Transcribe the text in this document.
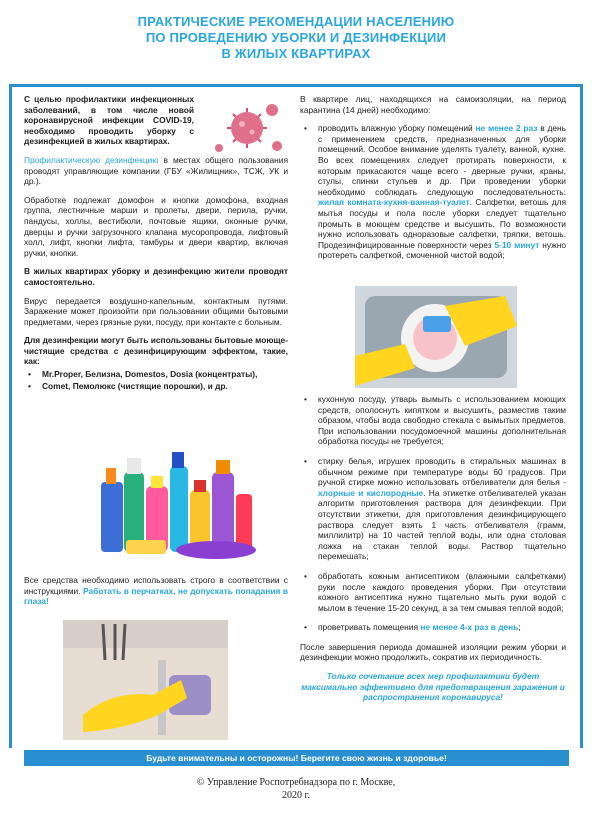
ПРАКТИЧЕСКИЕ РЕКОМЕНДАЦИИ НАСЕЛЕНИЮ
ПО ПРОВЕДЕНИЮ УБОРКИ И ДЕЗИНФЕКЦИИ
В ЖИЛЫХ КВАРТИРАХ

С целью профилактики инфекционных заболеваний, в том числе новой коронавирусной инфекции COVID-19, необходимо проводить уборку с дезинфекцией в жилых квартирах.

Профилактическую дезинфекцию в местах общего пользования проводят управляющие компании (ГБУ «Жилищник», ТСЖ, УК и др.).

Обработке подлежат домофон и кнопки домофона, входная группа, лестничные марши и пролеты, двери, перила, ручки, пандусы, холлы, вестибюли, почтовые ящики, оконные ручки, дверцы и ручки загрузочного клапана мусоропровода, лифтовый холл, лифт, кнопки лифта, тамбуры и двери квартир, включая ручки, кнопки.

В жилых квартирах уборку и дезинфекцию жители проводят самостоятельно.

Вирус передается воздушно-капельным, контактным путями. Заражение может произойти при пользовании общими бытовыми предметами, через грязные руки, посуду, при контакте с больным.

Для дезинфекции могут быть использованы бытовые моюще-чистящие средства с дезинфицирующим эффектом, такие, как:

• Mr.Proper, Белизна, Domestos, Dosia (концентраты),
• Comet, Пемолюкс (чистящие порошки), и др.

Все средства необходимо использовать строго в соответствии с инструкциями. Работать в перчатках, не допускать попадания в глаза!

В квартире лиц, находящихся на самоизоляции, на период карантина (14 дней) необходимо:

• проводить влажную уборку помещений не менее 2 раз в день с применением средств, предназначенных для уборки помещений. Особое внимание уделять туалету, ванной, кухне. Во всех помещениях следует протирать поверхности, к которым прикасаются чаще всего - дверные ручки, краны, стулы, спинки стульев и др. При проведении уборки необходимо соблюдать следующую последовательность: жилая комната-кухня-ванная-туалет. Салфетки, ветошь для мытья посуды и пола после уборки следует тщательно промыть в моющем средстве и высушить. По возможности нужно использовать одноразовые салфетки, тряпки, ветошь. Продезинфицированные поверхности через 5-10 минут нужно протереть салфеткой, смоченной чистой водой;
• кухонную посуду, утварь вымыть с использованием моющих средств, ополоснуть кипятком и высушить, разместив таким образом, чтобы вода свободно стекала с вымытых предметов. При использовании посудомоечной машины дополнительная обработка посуды не требуется;
• стирку белья, игрушек проводить в стиральных машинах в обычном режиме при температуре воды 60 градусов. При ручной стирке можно использовать отбеливатели для белья - хлорные и кислородные. На этикетке отбеливателей указан алгоритм приготовления раствора для дезинфекции. При отсутствии этикетки, для приготовления дезинфицирующего раствора следует взять 1 часть отбеливателя (грамм, миллилитр) на 10 частей теплой воды, или одна столовая ложка на стакан теплой воды. Раствор тщательно перемешать;
• обработать кожным антисептиком (влажными салфетками) руки после каждого проведения уборки. При отсутствии кожного антисептика нужно тщательно мыть руки водой с мылом в течение 15-20 секунд, а за тем смывая теплой водой;
• проветривать помещения не менее 4-х раз в день;

После завершения периода домашней изоляции режим уборки и дезинфекции можно продолжить, сократив их периодичность.

Только сочетание всех мер профилактики будет максимально эффективно для предотвращения заражения и распространения коронавируса!

Будьте внимательны и осторожны! Берегите свою жизнь и здоровье!
© Управление Роспотребнадзора по г. Москве,
2020 г.
